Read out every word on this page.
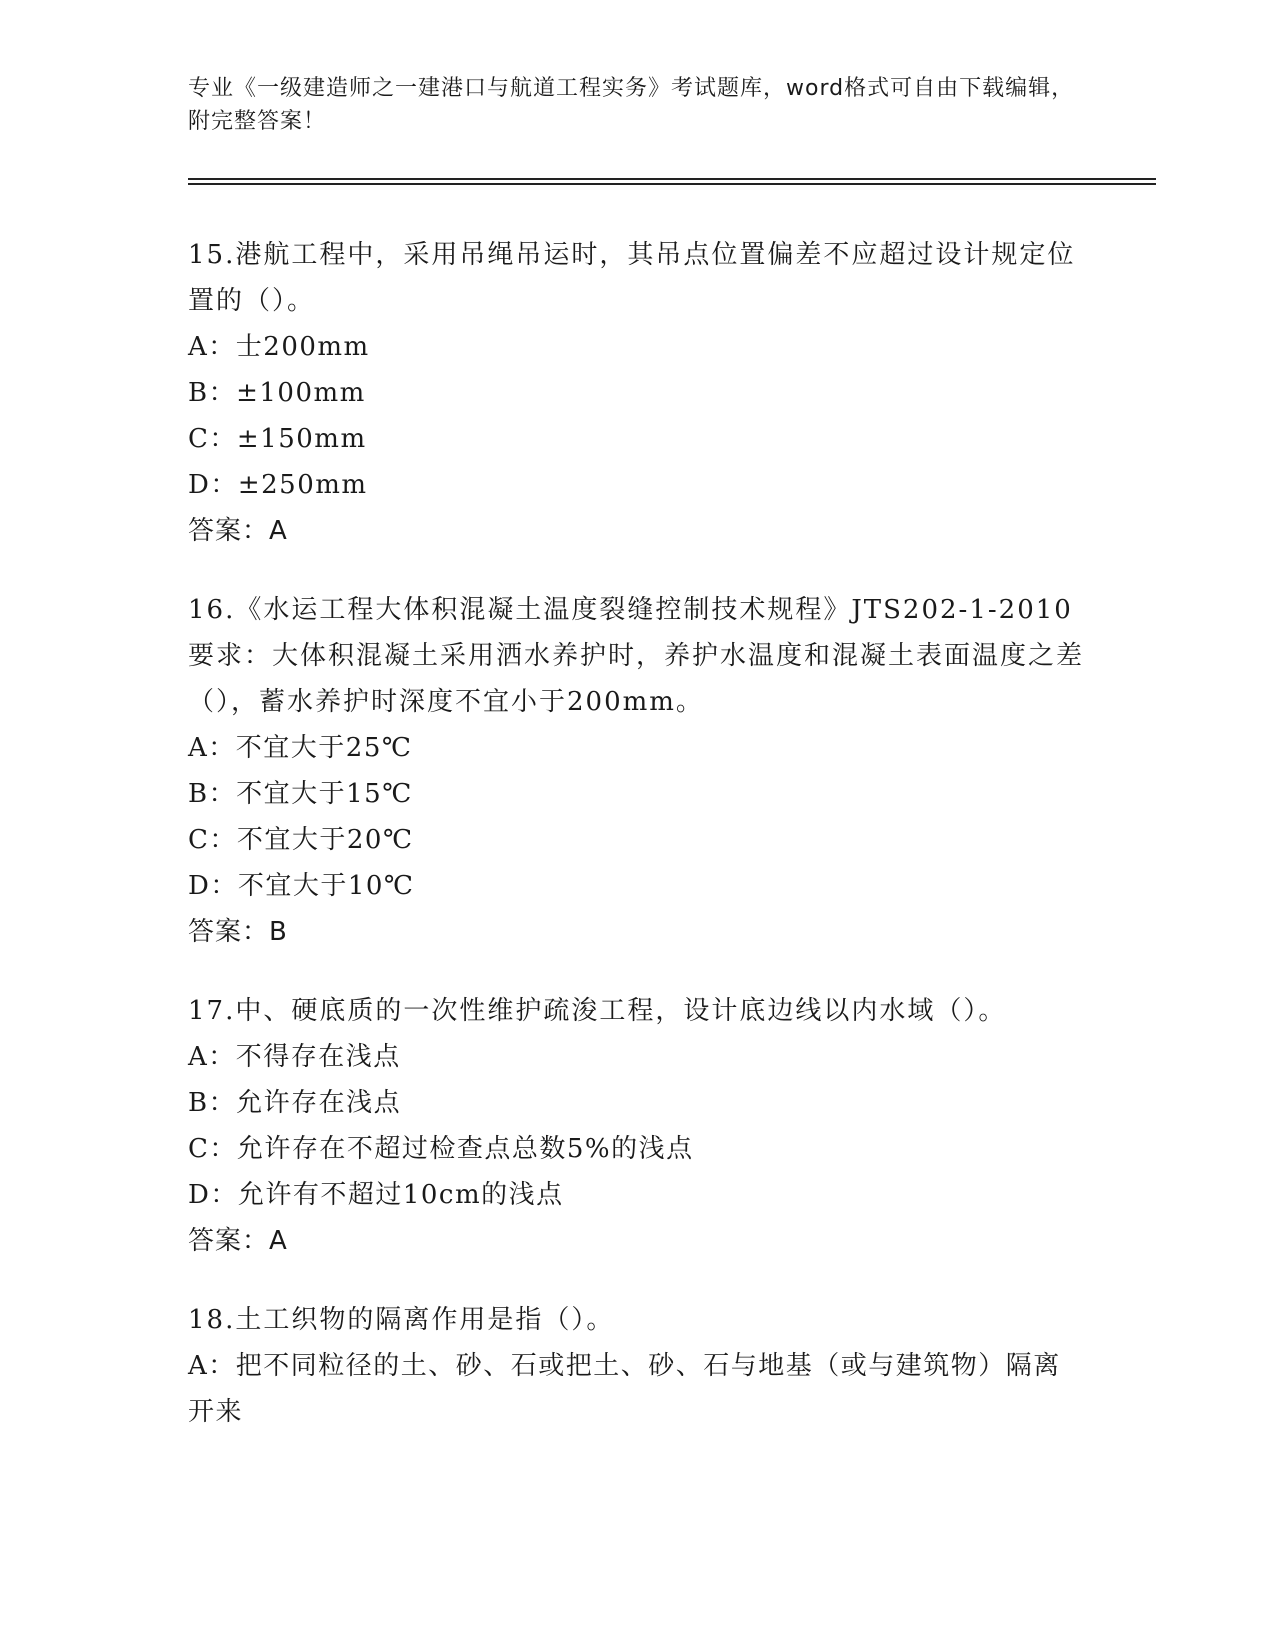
专业《一级建造师之一建港口与航道工程实务》考试题库，word格式可自由下载编辑，附完整答案！
15.港航工程中，采用吊绳吊运时，其吊点位置偏差不应超过设计规定位置的（）。
A：士200mm
B：±100mm
C：±150mm
D：±250mm
答案：A
16.《水运工程大体积混凝土温度裂缝控制技术规程》JTS202-1-2010要求：大体积混凝土采用洒水养护时，养护水温度和混凝土表面温度之差（），蓄水养护时深度不宜小于200mm。
A：不宜大于25℃
B：不宜大于15℃
C：不宜大于20℃
D：不宜大于10℃
答案：B
17.中、硬底质的一次性维护疏浚工程，设计底边线以内水域（）。
A：不得存在浅点
B：允许存在浅点
C：允许存在不超过检查点总数5%的浅点
D：允许有不超过10cm的浅点
答案：A
18.土工织物的隔离作用是指（）。
A：把不同粒径的土、砂、石或把土、砂、石与地基（或与建筑物）隔离开来
